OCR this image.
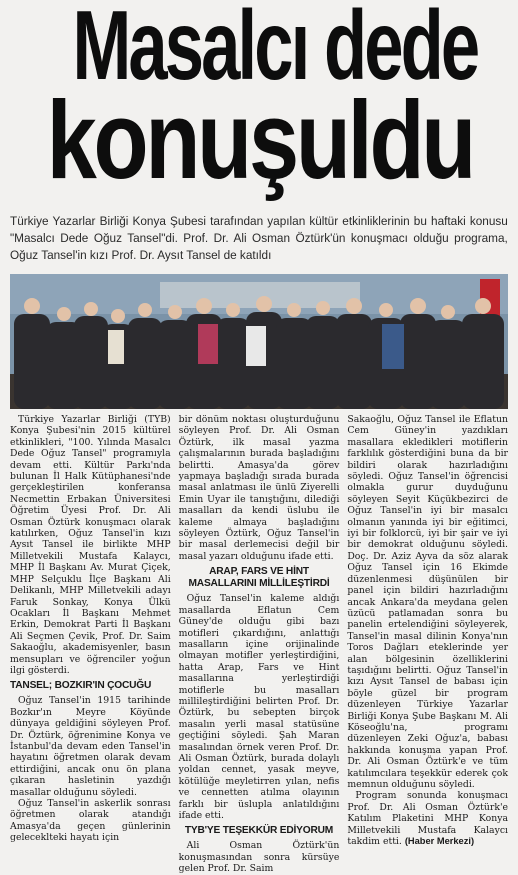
Masalcı dede
konuşuldu

Türkiye Yazarlar Birliği Konya Şubesi tarafından yapılan kültür etkinliklerinin bu haftaki konusu "Masalcı Dede Oğuz Tansel"di. Prof. Dr. Ali Osman Öztürk'ün konuşmacı olduğu programa, Oğuz Tansel'in kızı Prof. Dr. Aysıt Tansel de katıldı

Türkiye Yazarlar Birliği (TYB) Konya Şubesi'nin 2015 kültürel etkinlikleri, "100. Yılında Masalcı Dede Oğuz Tansel" programıyla devam etti. Kültür Parkı'nda bulunan İl Halk Kütüphanesi'nde gerçekleştirilen konferansa Necmettin Erbakan Üniversitesi Öğretim Üyesi Prof. Dr. Ali Osman Öztürk konuşmacı olarak katılırken, Oğuz Tansel'in kızı Aysıt Tansel ile birlikte MHP Milletvekili Mustafa Kalaycı, MHP İl Başkanı Av. Murat Çiçek, MHP Selçuklu İlçe Başkanı Ali Delikanlı, MHP Milletvekili adayı Faruk Sonkay, Konya Ülkü Ocakları İl Başkanı Mehmet Erkin, Demokrat Parti İl Başkanı Ali Seçmen Çevik, Prof. Dr. Saim Sakaoğlu, akademisyenler, basın mensupları ve öğrenciler yoğun ilgi gösterdi.

TANSEL; BOZKIR'IN ÇOCUĞU

Oğuz Tansel'in 1915 tarihinde Bozkır'ın Meyre Köyünde dünyaya geldiğini söyleyen Prof. Dr. Öztürk, öğrenimine Konya ve İstanbul'da devam eden Tansel'in hayatını öğretmen olarak devam ettirdiğini, ancak onu ön plana çıkaran hasletinin yazdığı masallar olduğunu söyledi.

Oğuz Tansel'in askerlik sonrası öğretmen olarak atandığı Amasya'da geçen günlerinin geleceklteki hayatı için

bir dönüm noktası oluşturduğunu söyleyen Prof. Dr. Ali Osman Öztürk, ilk masal yazma çalışmalarının burada başladığını belirtti. Amasya'da görev yapmaya başladığı sırada burada masal anlatması ile ünlü Ziyerelli Emin Uyar ile tanıştığını, dilediği masalları da kendi üslubu ile kaleme almaya başladığını söyleyen Öztürk, Oğuz Tansel'in bir masal derlemecisi değil bir masal yazarı olduğunu ifade etti.

ARAP, FARS VE HİNT MASALLARINI MİLLİLEŞTİRDİ

Oğuz Tansel'in kaleme aldığı masallarda Eflatun Cem Güney'de olduğu gibi bazı motifleri çıkardığını, anlattığı masalların içine orijinalinde olmayan motifler yerleştirdiğini, hatta Arap, Fars ve Hint masallarına yerleştirdiği motiflerle bu masalları millileştirdiğini belirten Prof. Dr. Öztürk, bu sebepten birçok masalın yerli masal statüsüne geçtiğini söyledi. Şah Maran masalından örnek veren Prof. Dr. Ali Osman Öztürk, burada dolaylı yoldan cennet, yasak meyve, kötülüğe meyletirren yılan, nefis ve cennetten atılma olayının farklı bir üslupla anlatıldığını ifade etti.

TYB'YE TEŞEKKÜR EDİYORUM

Ali Osman Öztürk'ün konuşmasından sonra kürsüye gelen Prof. Dr. Saim

Sakaoğlu, Oğuz Tansel ile Eflatun Cem Güney'in yazdıkları masallara ekledikleri motiflerin farklılık gösterdiğini buna da bir bildiri olarak hazırladığını söyledi. Oğuz Tansel'in öğrencisi olmakla gurur duyduğunu söyleyen Seyit Küçükbezirci de Oğuz Tansel'in iyi bir masalcı olmanın yanında iyi bir eğitimci, iyi bir folklorcü, iyi bir şair ve iyi bir demokrat olduğunu söyledi. Doç. Dr. Aziz Ayva da söz alarak Oğuz Tansel için 16 Ekimde düzenlenmesi düşünülen bir panel için bildiri hazırladığını ancak Ankara'da meydana gelen üzücü patlamadan sonra bu panelin ertelendiğini söyleyerek, Tansel'in masal dilinin Konya'nın Toros Dağları eteklerinde yer alan bölgesinin özelliklerini taşıdığını belirtti. Oğuz Tansel'in kızı Aysıt Tansel de babası için böyle güzel bir program düzenleyen Türkiye Yazarlar Birliği Konya Şube Başkanı M. Ali Köseoğlu'na, programı düzenleyen Zeki Oğuz'a, babası hakkında konuşma yapan Prof. Dr. Ali Osman Öztürk'e ve tüm katılımcılara teşekkür ederek çok memnun olduğunu söyledi.

Program sonunda konuşmacı Prof. Dr. Ali Osman Öztürk'e Katılım Plaketini MHP Konya Milletvekili Mustafa Kalaycı takdim etti. (Haber Merkezi)
